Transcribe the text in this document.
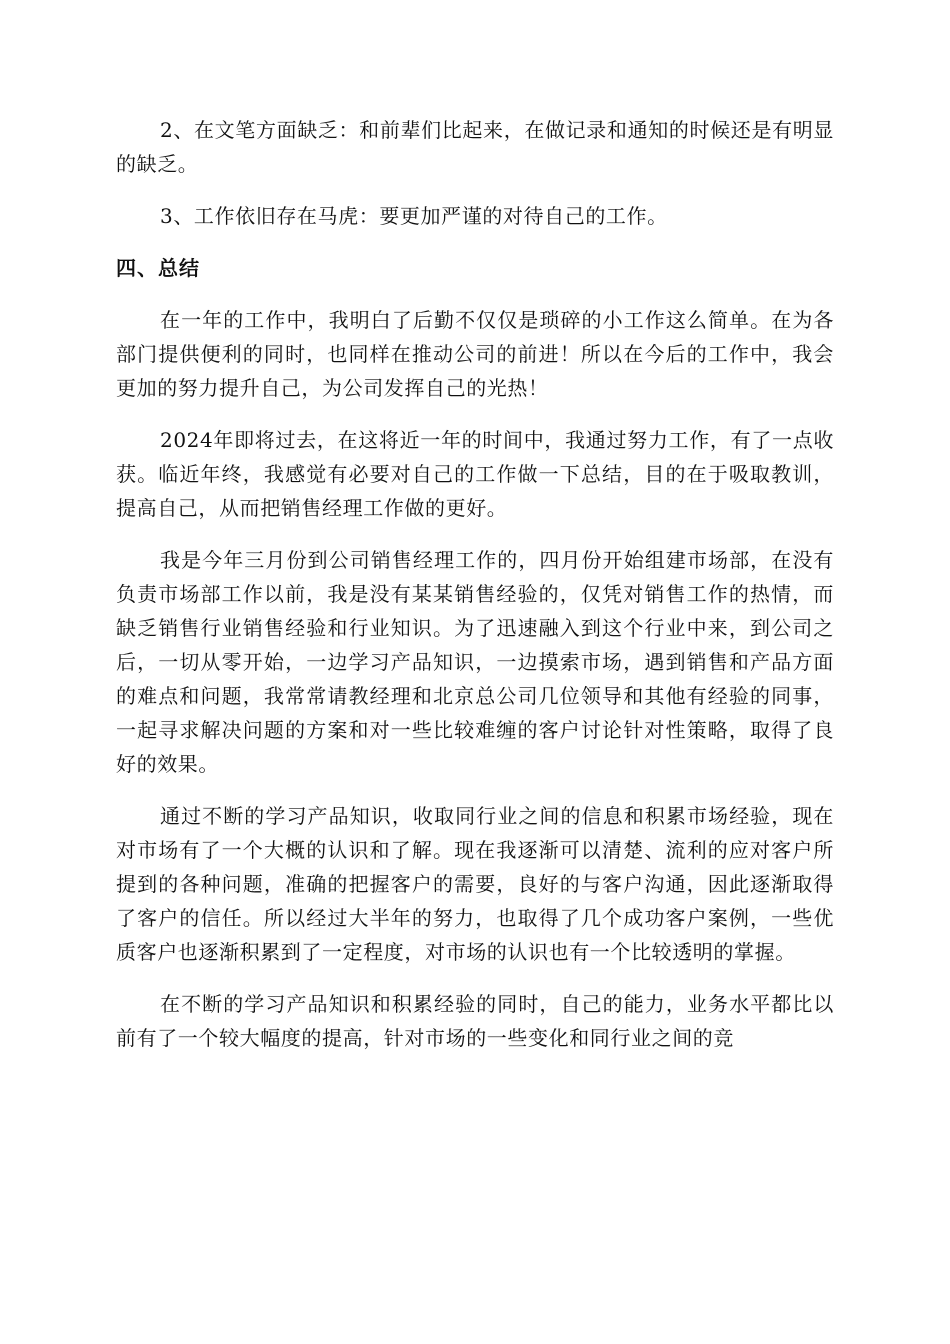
2、在文笔方面缺乏：和前辈们比起来，在做记录和通知的时候还是有明显的缺乏。

3、工作依旧存在马虎：要更加严谨的对待自己的工作。

四、总结

在一年的工作中，我明白了后勤不仅仅是琐碎的小工作这么简单。在为各部门提供便利的同时，也同样在推动公司的前进！所以在今后的工作中，我会更加的努力提升自己，为公司发挥自己的光热！

2024年即将过去，在这将近一年的时间中，我通过努力工作，有了一点收获。临近年终，我感觉有必要对自己的工作做一下总结，目的在于吸取教训，提高自己，从而把销售经理工作做的更好。

我是今年三月份到公司销售经理工作的，四月份开始组建市场部，在没有负责市场部工作以前，我是没有某某销售经验的，仅凭对销售工作的热情，而缺乏销售行业销售经验和行业知识。为了迅速融入到这个行业中来，到公司之后，一切从零开始，一边学习产品知识，一边摸索市场，遇到销售和产品方面的难点和问题，我常常请教经理和北京总公司几位领导和其他有经验的同事，一起寻求解决问题的方案和对一些比较难缠的客户讨论针对性策略，取得了良好的效果。

通过不断的学习产品知识，收取同行业之间的信息和积累市场经验，现在对市场有了一个大概的认识和了解。现在我逐渐可以清楚、流利的应对客户所提到的各种问题，准确的把握客户的需要，良好的与客户沟通，因此逐渐取得了客户的信任。所以经过大半年的努力，也取得了几个成功客户案例，一些优质客户也逐渐积累到了一定程度，对市场的认识也有一个比较透明的掌握。

在不断的学习产品知识和积累经验的同时，自己的能力，业务水平都比以前有了一个较大幅度的提高，针对市场的一些变化和同行业之间的竞
